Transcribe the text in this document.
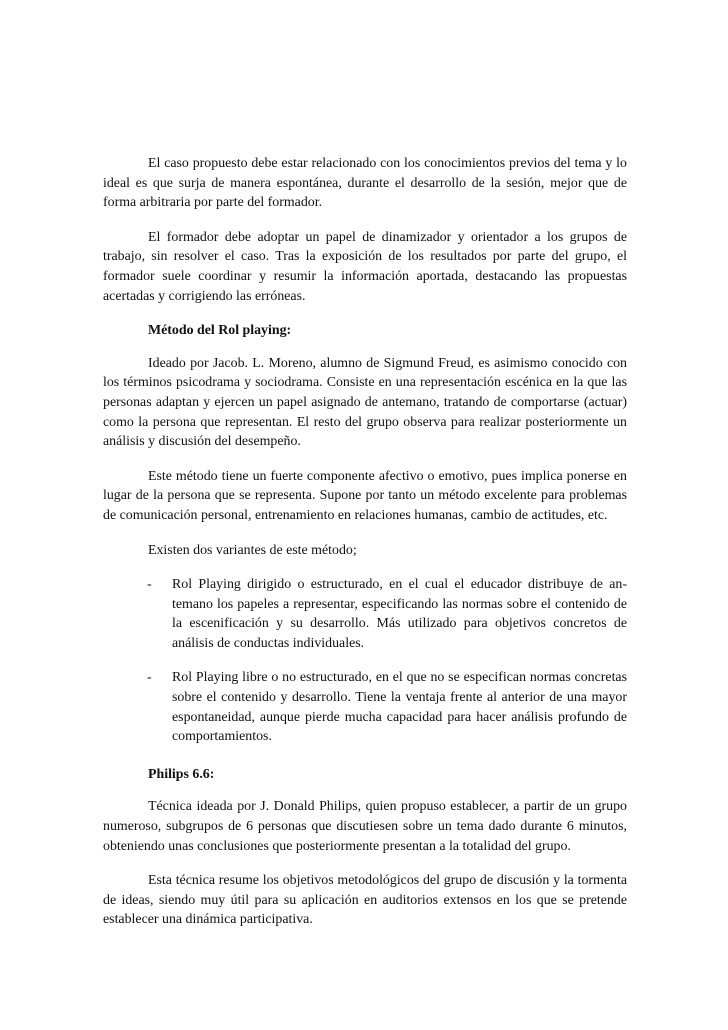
El caso propuesto debe estar relacionado con los conocimientos previos del tema y lo ideal es que surja de manera espontánea, durante el desarrollo de la sesión, mejor que de forma arbitraria por parte del formador.

El formador debe adoptar un papel de dinamizador y orientador a los grupos de trabajo, sin resolver el caso. Tras la exposición de los resultados por parte del grupo, el formador suele coordinar y resumir la información aportada, destacando las propuestas acertadas y corrigiendo las erróneas.

Método del Rol playing:

Ideado por Jacob. L. Moreno, alumno de Sigmund Freud, es asimismo conocido con los términos psicodrama y sociodrama. Consiste en una representación escénica en la que las personas adaptan y ejercen un papel asignado de antemano, tratando de comportarse (actuar) como la persona que representan. El resto del grupo observa para realizar posteriormente un análisis y discusión del desempeño.

Este método tiene un fuerte componente afectivo o emotivo, pues implica ponerse en lugar de la persona que se representa. Supone por tanto un método excelente para problemas de comunicación personal, entrenamiento en relaciones humanas, cambio de actitudes, etc.

Existen dos variantes de este método;

- Rol Playing dirigido o estructurado, en el cual el educador distribuye de antemano los papeles a representar, especificando las normas sobre el contenido de la escenificación y su desarrollo. Más utilizado para objetivos concretos de análisis de conductas individuales.
- Rol Playing libre o no estructurado, en el que no se especifican normas concretas sobre el contenido y desarrollo. Tiene la ventaja frente al anterior de una mayor espontaneidad, aunque pierde mucha capacidad para hacer análisis profundo de comportamientos.
Philips 6.6:

Técnica ideada por J. Donald Philips, quien propuso establecer, a partir de un grupo numeroso, subgrupos de 6 personas que discutiesen sobre un tema dado durante 6 minutos, obteniendo unas conclusiones que posteriormente presentan a la totalidad del grupo.

Esta técnica resume los objetivos metodológicos del grupo de discusión y la tormenta de ideas, siendo muy útil para su aplicación en auditorios extensos en los que se pretende establecer una dinámica participativa.
